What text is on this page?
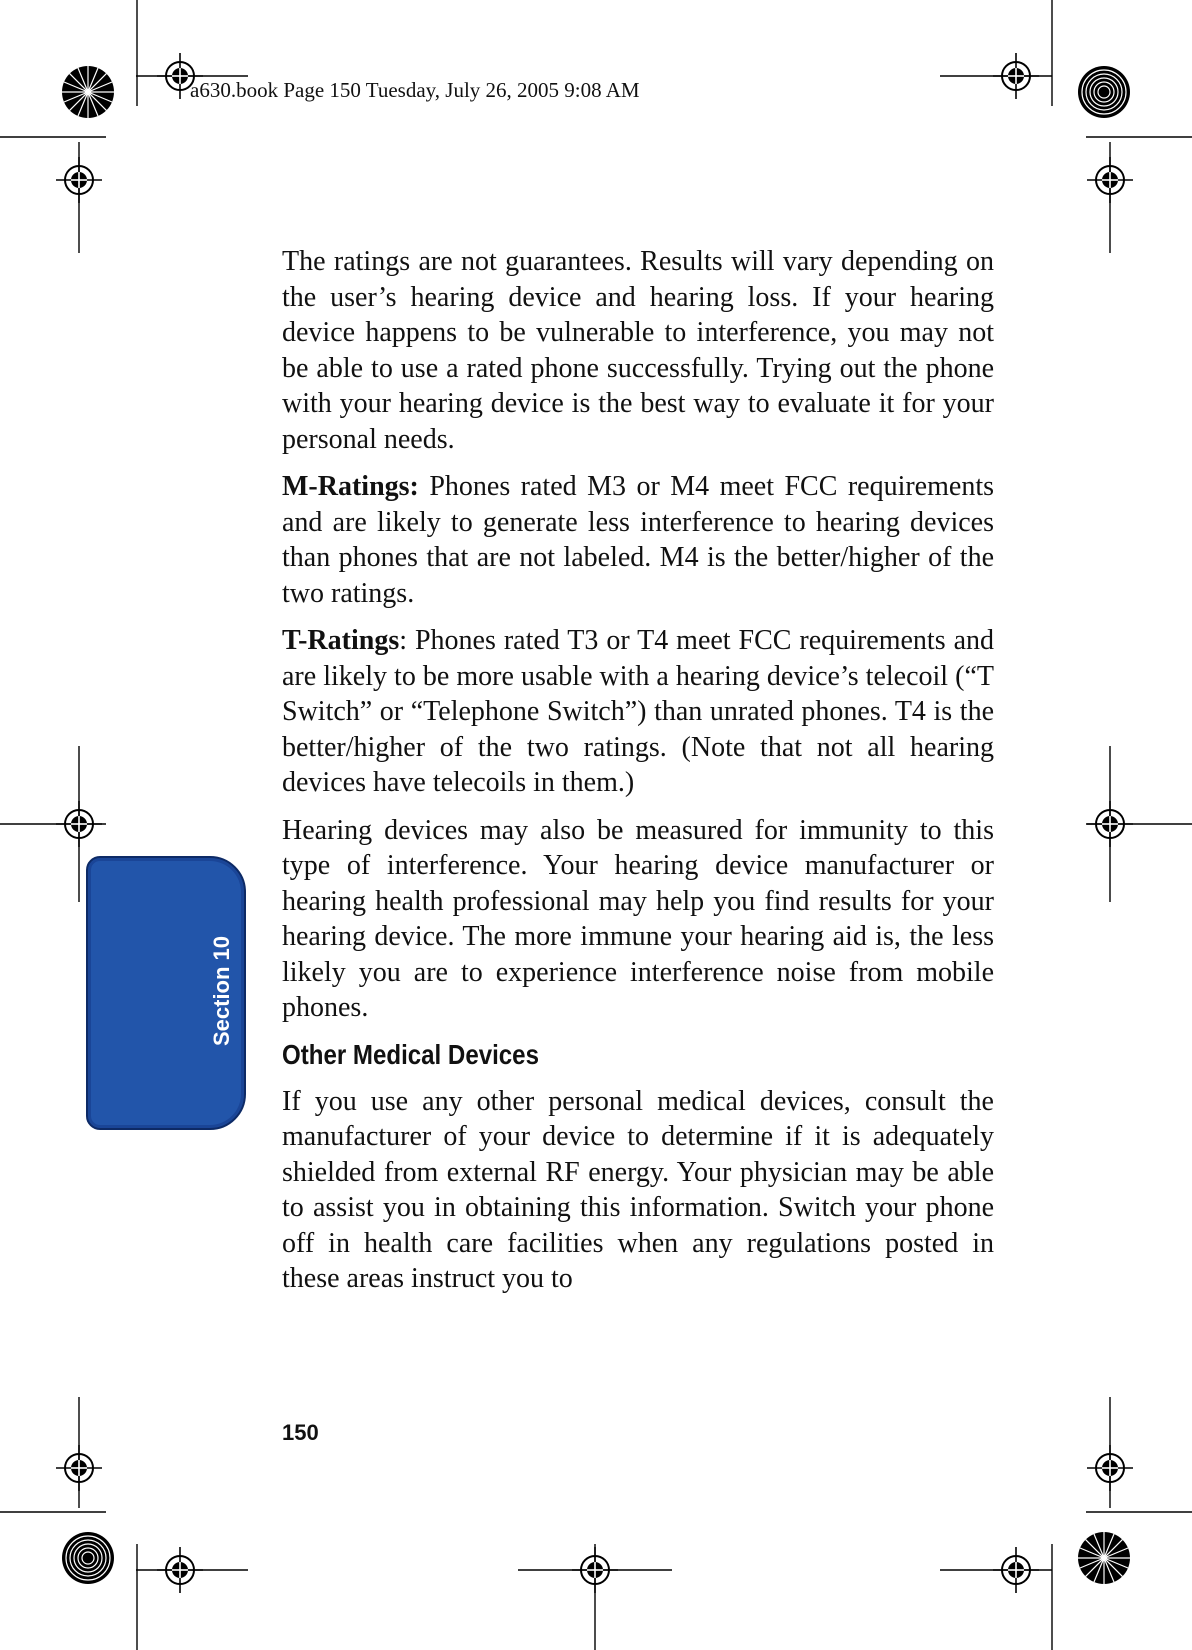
a630.book Page 150 Tuesday, July 26, 2005 9:08 AM
Section 10

The ratings are not guarantees. Results will vary depending on the user’s hearing device and hearing loss. If your hearing device happens to be vulnerable to interference, you may not be able to use a rated phone successfully. Trying out the phone with your hearing device is the best way to evaluate it for your personal needs.

M-Ratings: Phones rated M3 or M4 meet FCC requirements and are likely to generate less interference to hearing devices than phones that are not labeled. M4 is the better/higher of the two ratings.

T-Ratings: Phones rated T3 or T4 meet FCC requirements and are likely to be more usable with a hearing device’s telecoil (“T Switch” or “Telephone Switch”) than unrated phones. T4 is the better/higher of the two ratings. (Note that not all hearing devices have telecoils in them.)

Hearing devices may also be measured for immunity to this type of interference. Your hearing device manufacturer or hearing health professional may help you find results for your hearing device. The more immune your hearing aid is, the less likely you are to experience interference noise from mobile phones.

Other Medical Devices

If you use any other personal medical devices, consult the manufacturer of your device to determine if it is adequately shielded from external RF energy. Your physician may be able to assist you in obtaining this information. Switch your phone off in health care facilities when any regulations posted in these areas instruct you to

150
